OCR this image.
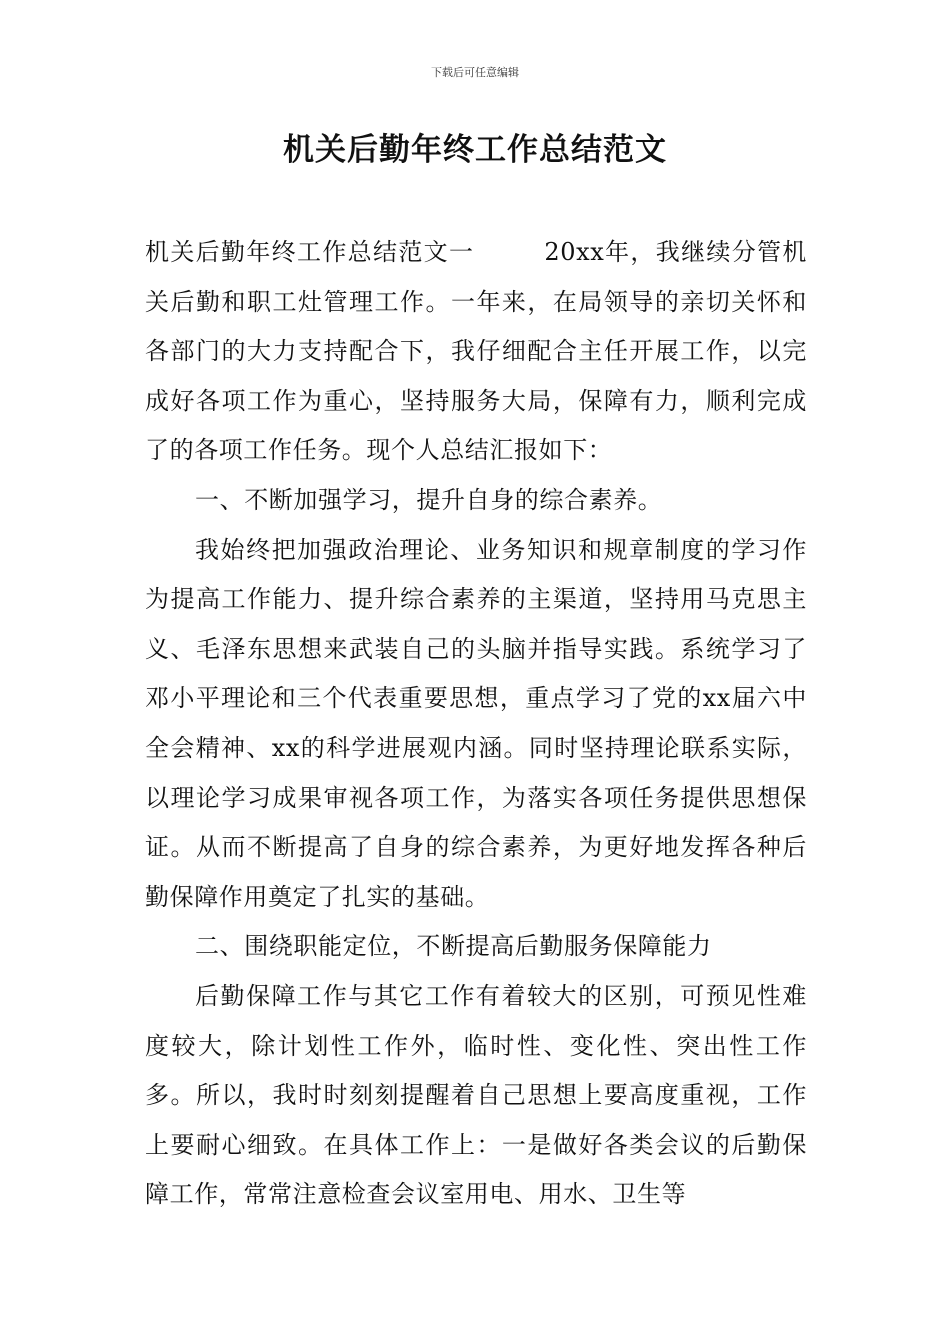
下载后可任意编辑
机关后勤年终工作总结范文

机关后勤年终工作总结范文一	20xx年，我继续分管机关后勤和职工灶管理工作。一年来，在局领导的亲切关怀和各部门的大力支持配合下，我仔细配合主任开展工作，以完成好各项工作为重心，坚持服务大局，保障有力，顺利完成了的各项工作任务。现个人总结汇报如下：

一、不断加强学习，提升自身的综合素养。

我始终把加强政治理论、业务知识和规章制度的学习作为提高工作能力、提升综合素养的主渠道，坚持用马克思主义、毛泽东思想来武装自己的头脑并指导实践。系统学习了邓小平理论和三个代表重要思想，重点学习了党的xx届六中全会精神、xx的科学进展观内涵。同时坚持理论联系实际，以理论学习成果审视各项工作，为落实各项任务提供思想保证。从而不断提高了自身的综合素养，为更好地发挥各种后勤保障作用奠定了扎实的基础。

二、围绕职能定位，不断提高后勤服务保障能力

后勤保障工作与其它工作有着较大的区别，可预见性难度较大，除计划性工作外，临时性、变化性、突出性工作多。所以，我时时刻刻提醒着自己思想上要高度重视，工作上要耐心细致。在具体工作上：一是做好各类会议的后勤保障工作，常常注意检查会议室用电、用水、卫生等
